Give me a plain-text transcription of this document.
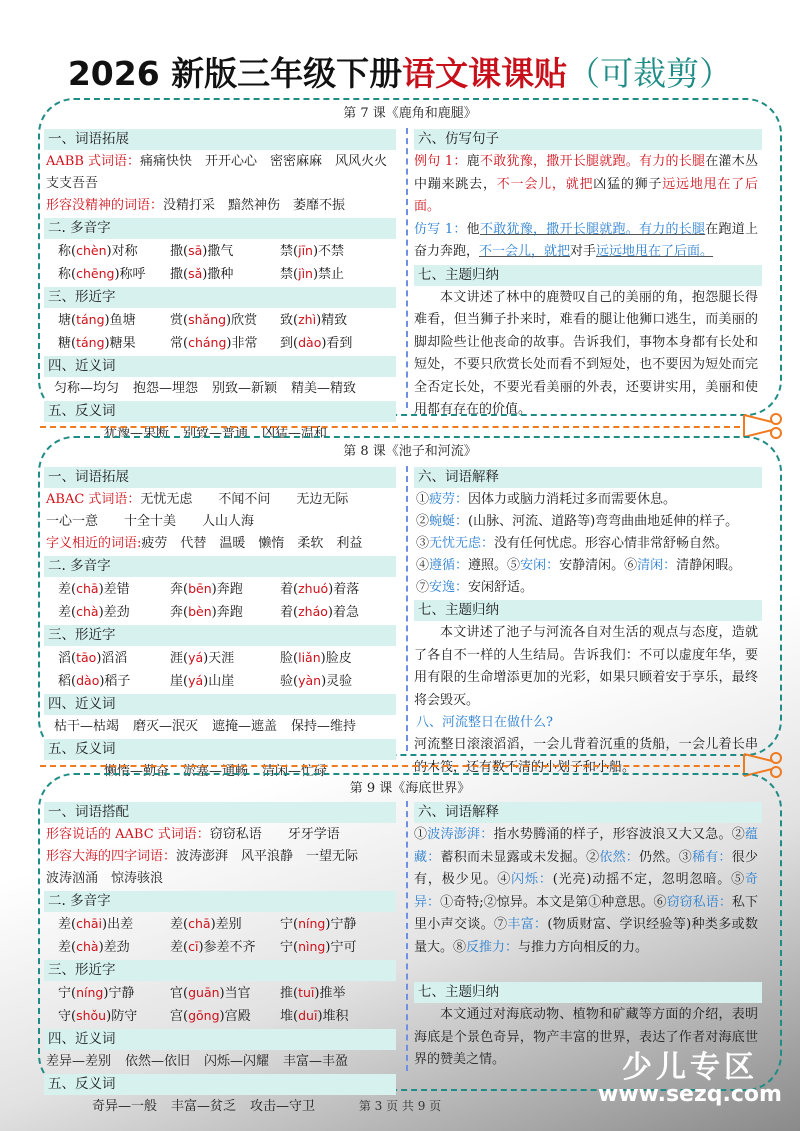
2026 新版三年级下册语文课课贴（可裁剪）
第 7 课《鹿角和鹿腿》
一、词语拓展
AABB 式词语：痛痛快快　开开心心　密密麻麻　风风火火
支支吾吾
形容没精神的词语：没精打采　黯然神伤　萎靡不振
二. 多音字
称(chèn)对称	撒(sā)撒气	禁(jīn)不禁
称(chēng)称呼	撒(sǎ)撒种	禁(jìn)禁止
三、形近字
塘(táng)鱼塘	赏(shǎng)欣赏	致(zhì)精致
糖(táng)糖果	常(cháng)非常	到(dào)看到
四、近义词
匀称—均匀 抱怨—埋怨 别致—新颖 精美—精致
五、反义词
犹豫—果断 别致—普通 凶猛—温和
六、仿写句子
例句 1：鹿不敢犹豫，撒开长腿就跑。有力的长腿在灌木丛中蹦来跳去，不一会儿，就把凶猛的狮子远远地甩在了后面。
仿写 1：他不敢犹豫，撒开长腿就跑。有力的长腿在跑道上奋力奔跑，不一会儿，就把对手远远地甩在了后面。
七、主题归纳
本文讲述了林中的鹿赞叹自己的美丽的角，抱怨腿长得难看，但当狮子扑来时，难看的腿让他狮口逃生，而美丽的脚却险些让他丧命的故事。告诉我们，事物本身都有长处和短处，不要只欣赏长处而看不到短处，也不要因为短处而完全否定长处，不要光看美丽的外表，还要讲实用，美丽和使用都有存在的价值。
第 8 课《池子和河流》
一、词语拓展
ABAC 式词语：无忧无虑　　不闻不问　　无边无际
一心一意　　十全十美　　人山人海
字义相近的词语:疲劳　代替　温暖　懒惰　柔软　利益
二. 多音字
差(chā)差错	奔(bēn)奔跑	着(zhuó)着落
差(chà)差劲	奔(bèn)奔跑	着(zháo)着急
三、形近字
滔(tāo)滔滔	涯(yá)天涯	脸(liǎn)脸皮
稻(dào)稻子	崖(yá)山崖	验(yàn)灵验
四、近义词
枯干—枯竭 磨灭—泯灭 遮掩—遮盖 保持—维持
五、反义词
懒惰—勤奋 淤塞—通畅 清闲—忙碌
六、词语解释
①疲劳：因体力或脑力消耗过多而需要休息。
②蜿蜒：(山脉、河流、道路等)弯弯曲曲地延伸的样子。
③无忧无虑：没有任何忧虑。形容心情非常舒畅自然。
④遵循：遵照。⑤安闲：安静清闲。⑥清闲：清静闲暇。
⑦安逸：安闲舒适。
七、主题归纳
本文讲述了池子与河流各自对生活的观点与态度，造就了各自不一样的人生结局。告诉我们：不可以虚度年华，要用有限的生命增添更加的光彩，如果只顾着安于享乐，最终将会毁灭。
八、河流整日在做什么?
河流整日滚滚滔滔，一会儿背着沉重的货船，一会儿着长串的木筏，还有数不清的小划子和小船。
第 9 课《海底世界》
一、词语搭配
形容说话的 AABC 式词语：窃窃私语　　牙牙学语
形容大海的四字词语：波涛澎湃　风平浪静　一望无际
波涛汹涌　惊涛骇浪
二. 多音字
差(chāi)出差	差(chā)差别	宁(níng)宁静
差(chà)差劲	差(cī)参差不齐	宁(nìng)宁可
三、形近字
宁(níng)宁静	官(guān)当官	推(tuī)推举
守(shǒu)防守	宫(gōng)宫殿	堆(duī)堆积
四、近义词
差异—差别 依然—依旧 闪烁—闪耀 丰富—丰盈
五、反义词
奇异—一般 丰富—贫乏 攻击—守卫
六、词语解释
①波涛澎湃：指水势腾涌的样子，形容波浪又大又急。②蕴藏：蓄积而未显露或未发掘。②依然：仍然。③稀有：很少有，极少见。④闪烁：(光亮)动摇不定，忽明忽暗。⑤奇异：①奇特;②惊异。本文是第①种意思。⑥窃窃私语：私下里小声交谈。⑦丰富：(物质财富、学识经验等)种类多或数量大。⑧反推力：与推力方向相反的力。
七、主题归纳
本文通过对海底动物、植物和矿藏等方面的介绍，表明海底是个景色奇异，物产丰富的世界，表达了作者对海底世界的赞美之情。
第 3 页 共 9 页
少儿专区
www.sezq.com
